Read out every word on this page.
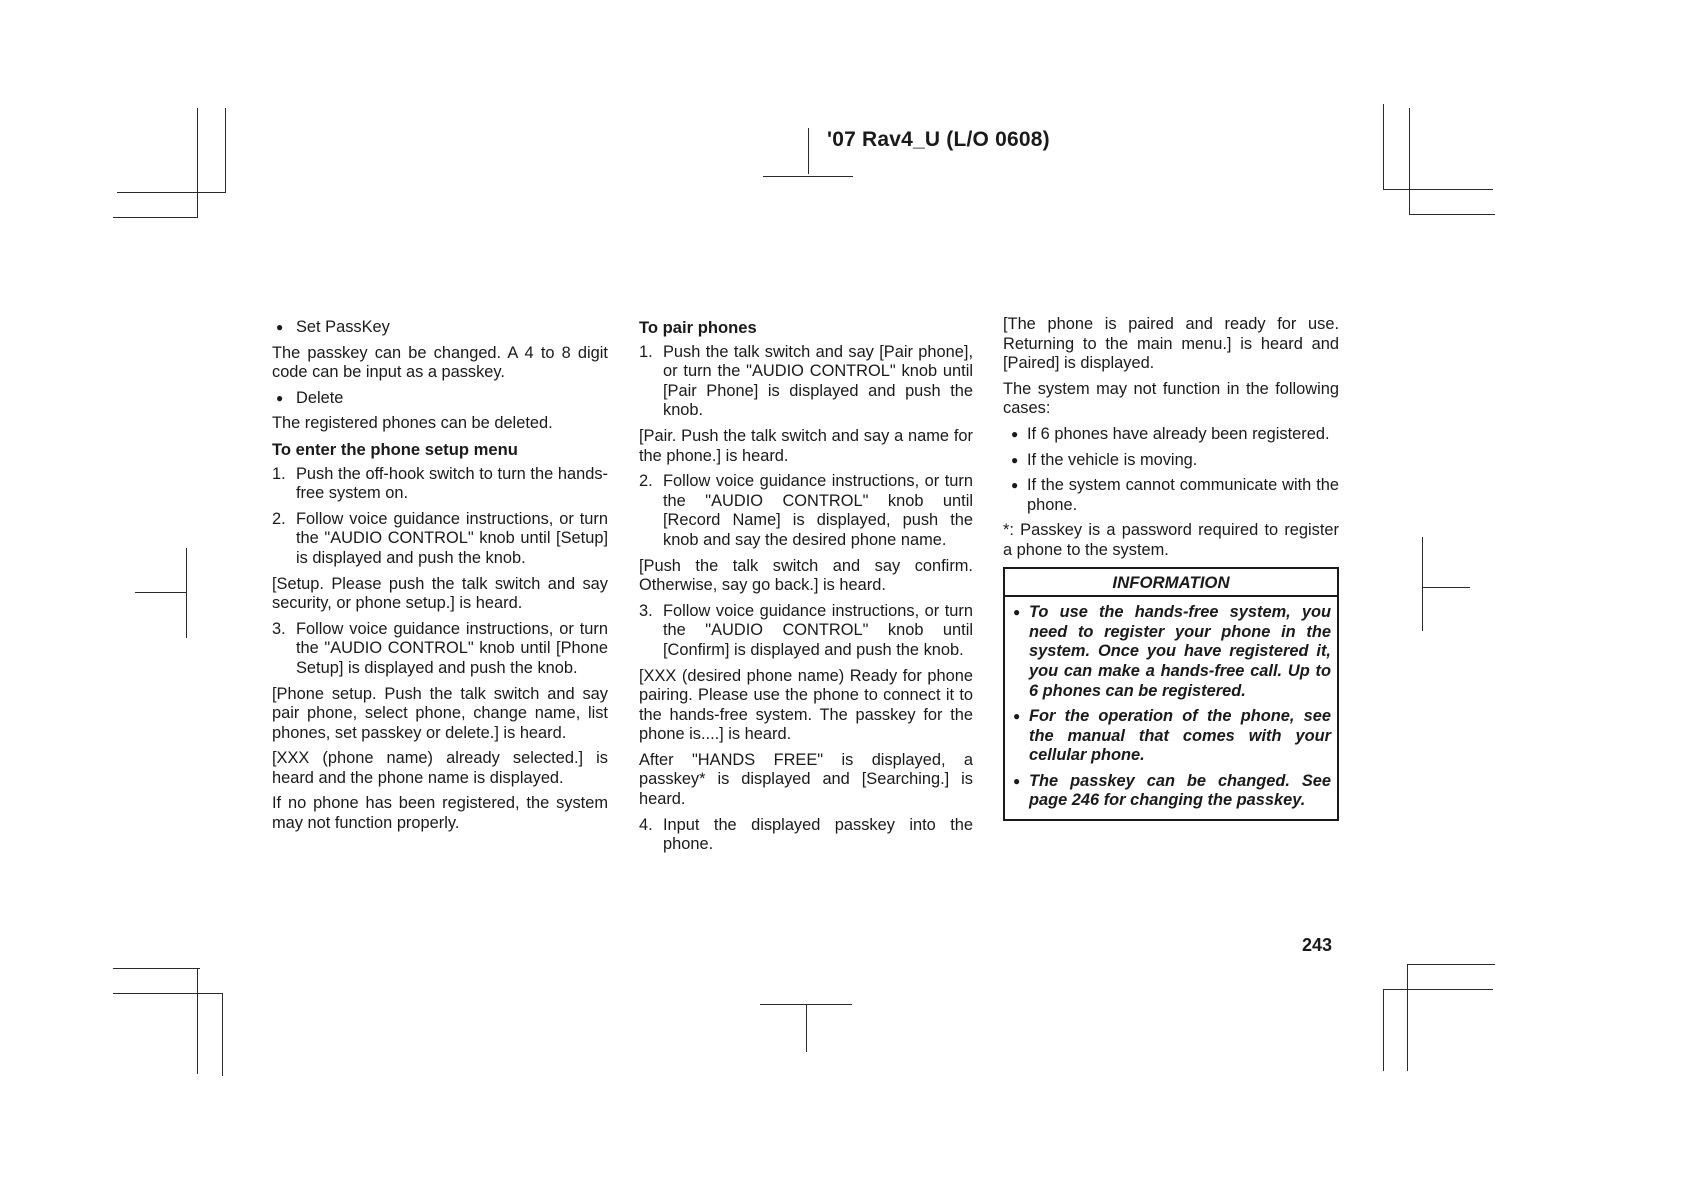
'07 Rav4_U (L/O 0608)
● Set PassKey

The passkey can be changed. A 4 to 8 digit code can be input as a passkey.

● Delete

The registered phones can be deleted.

To enter the phone setup menu
1. Push the off-hook switch to turn the hands-free system on.
2. Follow voice guidance instructions, or turn the "AUDIO CONTROL" knob until [Setup] is displayed and push the knob.

[Setup. Please push the talk switch and say security, or phone setup.] is heard.

3. Follow voice guidance instructions, or turn the "AUDIO CONTROL" knob until [Phone Setup] is displayed and push the knob.

[Phone setup. Push the talk switch and say pair phone, select phone, change name, list phones, set passkey or delete.] is heard.

[XXX (phone name) already selected.] is heard and the phone name is displayed.

If no phone has been registered, the system may not function properly.

To pair phones
1. Push the talk switch and say [Pair phone], or turn the "AUDIO CONTROL" knob until [Pair Phone] is displayed and push the knob.

[Pair. Push the talk switch and say a name for the phone.] is heard.

2. Follow voice guidance instructions, or turn the "AUDIO CONTROL" knob until [Record Name] is displayed, push the knob and say the desired phone name.

[Push the talk switch and say confirm. Otherwise, say go back.] is heard.

3. Follow voice guidance instructions, or turn the "AUDIO CONTROL" knob until [Confirm] is displayed and push the knob.

[XXX (desired phone name) Ready for phone pairing. Please use the phone to connect it to the hands-free system. The passkey for the phone is....] is heard.

After "HANDS FREE" is displayed, a passkey* is displayed and [Searching.] is heard.

4. Input the displayed passkey into the phone.

[The phone is paired and ready for use. Returning to the main menu.] is heard and [Paired] is displayed.

The system may not function in the following cases:

● If 6 phones have already been registered.
● If the vehicle is moving.
● If the system cannot communicate with the phone.

*: Passkey is a password required to register a phone to the system.

INFORMATION
● To use the hands-free system, you need to register your phone in the system. Once you have registered it, you can make a hands-free call. Up to 6 phones can be registered.
● For the operation of the phone, see the manual that comes with your cellular phone.
● The passkey can be changed. See page 246 for changing the passkey.
243
